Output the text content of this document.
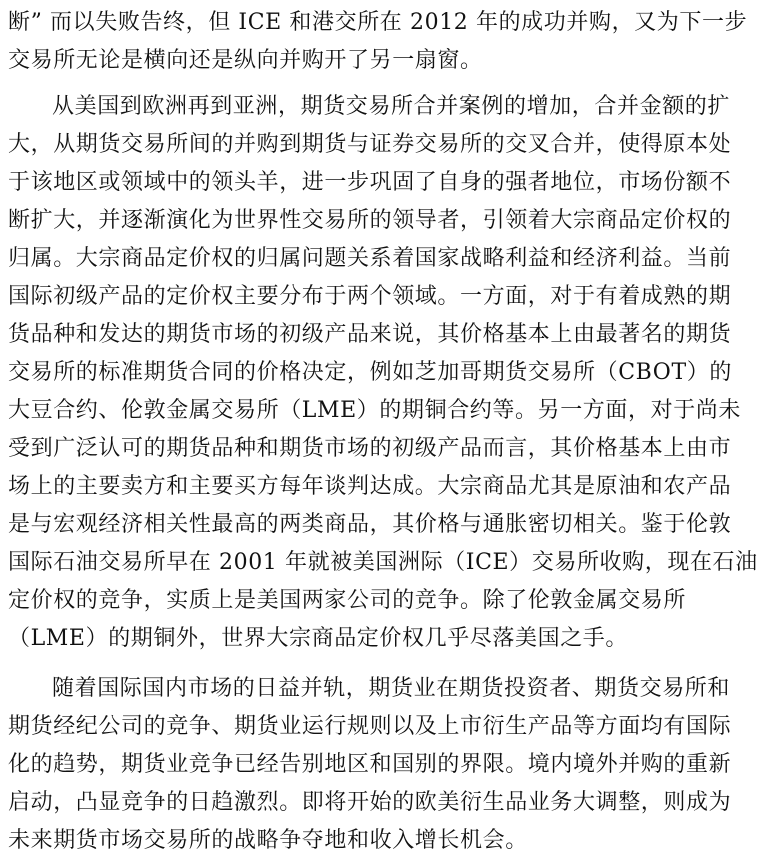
断” 而以失败告终，但 ICE 和港交所在 2012 年的成功并购，又为下一步
交易所无论是横向还是纵向并购开了另一扇窗。
从美国到欧洲再到亚洲，期货交易所合并案例的增加，合并金额的扩
大，从期货交易所间的并购到期货与证券交易所的交叉合并，使得原本处
于该地区或领域中的领头羊，进一步巩固了自身的强者地位，市场份额不
断扩大，并逐渐演化为世界性交易所的领导者，引领着大宗商品定价权的
归属。大宗商品定价权的归属问题关系着国家战略利益和经济利益。当前
国际初级产品的定价权主要分布于两个领域。一方面，对于有着成熟的期
货品种和发达的期货市场的初级产品来说，其价格基本上由最著名的期货
交易所的标准期货合同的价格决定，例如芝加哥期货交易所（CBOT）的
大豆合约、伦敦金属交易所（LME）的期铜合约等。另一方面，对于尚未
受到广泛认可的期货品种和期货市场的初级产品而言，其价格基本上由市
场上的主要卖方和主要买方每年谈判达成。大宗商品尤其是原油和农产品
是与宏观经济相关性最高的两类商品，其价格与通胀密切相关。鉴于伦敦
国际石油交易所早在 2001 年就被美国洲际（ICE）交易所收购，现在石油
定价权的竞争，实质上是美国两家公司的竞争。除了伦敦金属交易所
（LME）的期铜外，世界大宗商品定价权几乎尽落美国之手。
随着国际国内市场的日益并轨，期货业在期货投资者、期货交易所和
期货经纪公司的竞争、期货业运行规则以及上市衍生产品等方面均有国际
化的趋势，期货业竞争已经告别地区和国别的界限。境内境外并购的重新
启动，凸显竞争的日趋激烈。即将开始的欧美衍生品业务大调整，则成为
未来期货市场交易所的战略争夺地和收入增长机会。
